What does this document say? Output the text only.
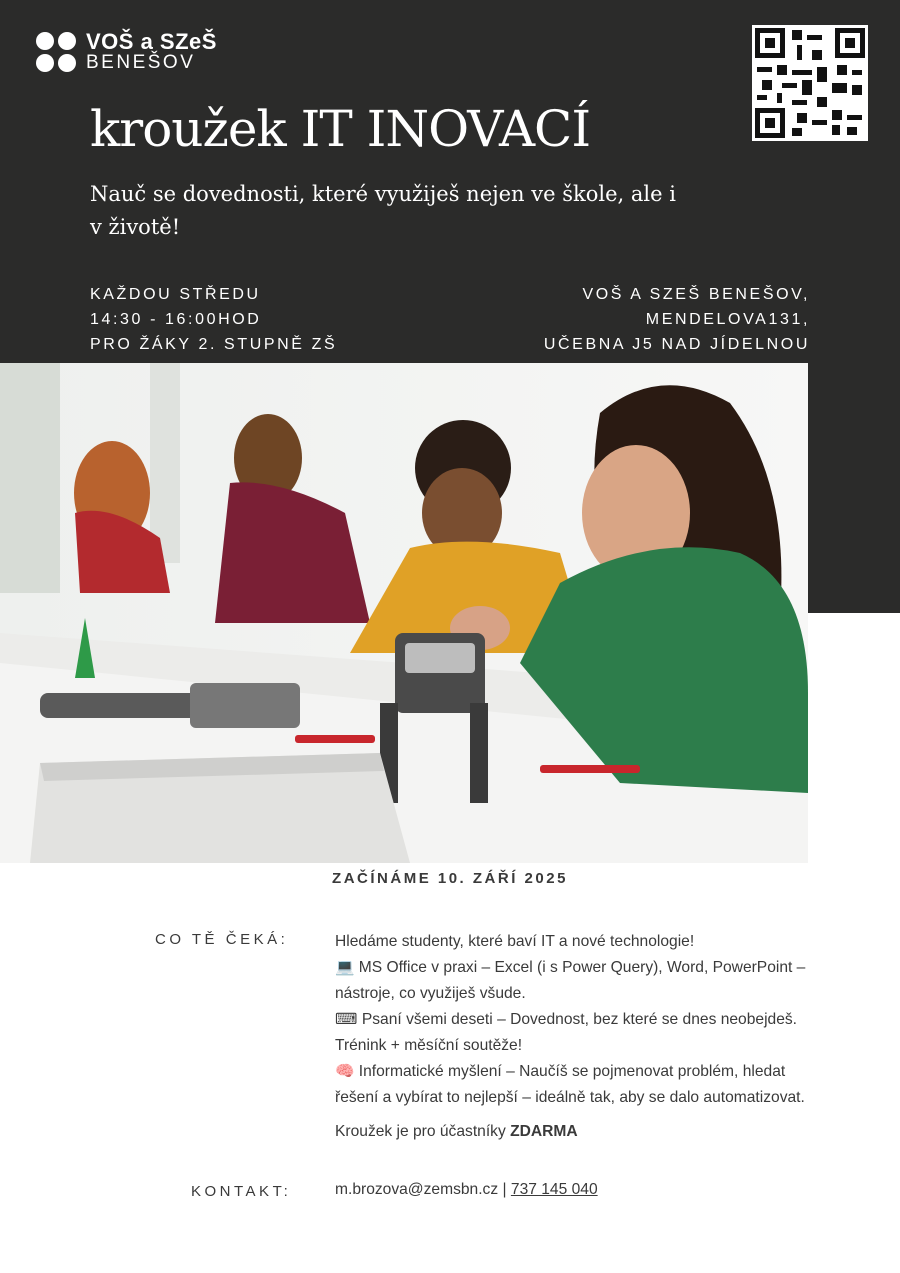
VOŠ a SZeŠ
BENEŠOV
kroužek IT INOVACÍ

Nauč se dovednosti, které využiješ nejen ve škole, ale i v životě!

KAŽDOU STŘEDU
14:30 - 16:00HOD
PRO ŽÁKY 2. STUPNĚ ZŠ
VOŠ A SZEŠ BENEŠOV,
MENDELOVA131,
UČEBNA J5 NAD JÍDELNOU
ZAČÍNÁME 10. ZÁŘÍ 2025
CO TĚ ČEKÁ:	Hledáme studenty, které baví IT a nové technologie!

💻 MS Office v praxi – Excel (i s Power Query), Word, PowerPoint – nástroje, co využiješ všude.

⌨ Psaní všemi deseti – Dovednost, bez které se dnes neobejdeš. Trénink + měsíční soutěže!

🧠 Informatické myšlení – Naučíš se pojmenovat problém, hledat řešení a vybírat to nejlepší – ideálně tak, aby se dalo automatizovat.

Kroužek je pro účastníky ZDARMA

KONTAKT:	m.brozova@zemsbn.cz | 737 145 040
